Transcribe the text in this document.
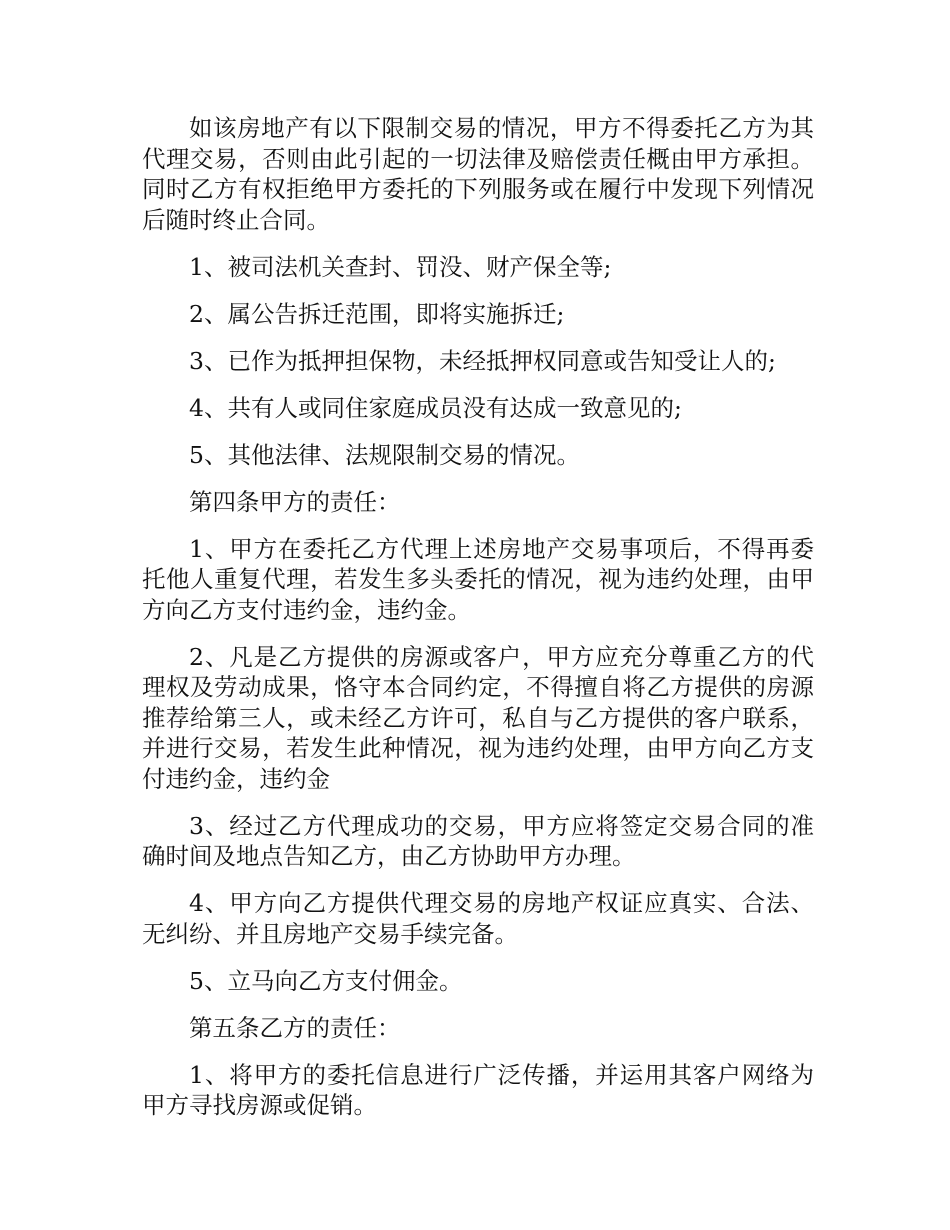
如该房地产有以下限制交易的情况，甲方不得委托乙方为其代理交易，否则由此引起的一切法律及赔偿责任概由甲方承担。同时乙方有权拒绝甲方委托的下列服务或在履行中发现下列情况后随时终止合同。

1、被司法机关查封、罚没、财产保全等;

2、属公告拆迁范围，即将实施拆迁;

3、已作为抵押担保物，未经抵押权同意或告知受让人的;

4、共有人或同住家庭成员没有达成一致意见的;

5、其他法律、法规限制交易的情况。

第四条甲方的责任：

1、甲方在委托乙方代理上述房地产交易事项后，不得再委托他人重复代理，若发生多头委托的情况，视为违约处理，由甲方向乙方支付违约金，违约金。

2、凡是乙方提供的房源或客户，甲方应充分尊重乙方的代理权及劳动成果，恪守本合同约定，不得擅自将乙方提供的房源推荐给第三人，或未经乙方许可，私自与乙方提供的客户联系，并进行交易，若发生此种情况，视为违约处理，由甲方向乙方支付违约金，违约金

3、经过乙方代理成功的交易，甲方应将签定交易合同的准确时间及地点告知乙方，由乙方协助甲方办理。

4、甲方向乙方提供代理交易的房地产权证应真实、合法、无纠纷、并且房地产交易手续完备。

5、立马向乙方支付佣金。

第五条乙方的责任：

1、将甲方的委托信息进行广泛传播，并运用其客户网络为甲方寻找房源或促销。
